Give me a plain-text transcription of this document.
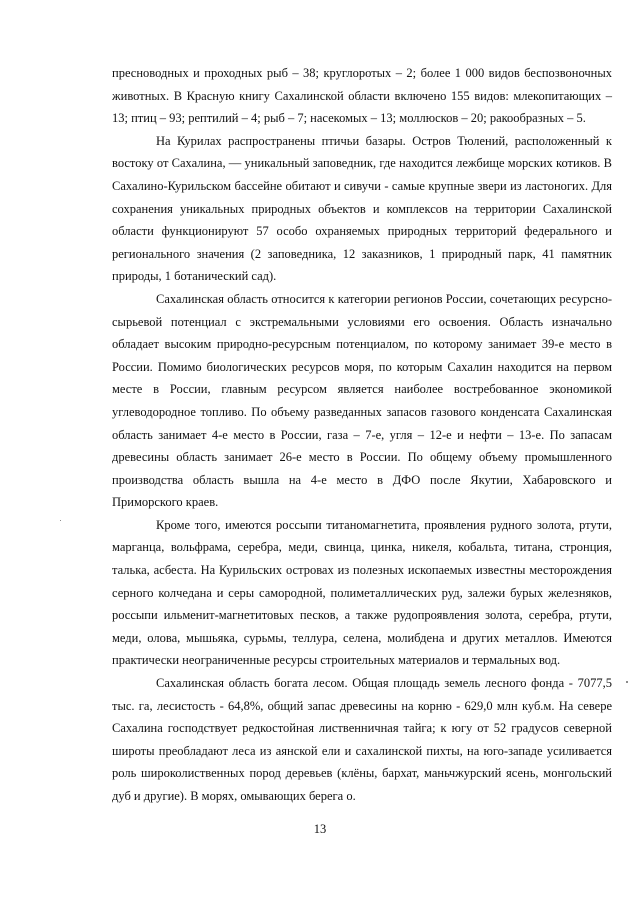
пресноводных и проходных рыб – 38; круглоротых – 2; более 1 000 видов беспозвоночных животных. В Красную книгу Сахалинской области включено 155 видов: млекопитающих – 13; птиц – 93; рептилий – 4; рыб – 7; насекомых – 13; моллюсков – 20; ракообразных – 5.

На Курилах распространены птичьи базары. Остров Тюлений, расположенный к востоку от Сахалина, –– уникальный заповедник, где находится лежбище морских котиков. В Сахалино-Курильском бассейне обитают и сивучи - самые крупные звери из ластоногих. Для сохранения уникальных природных объектов и комплексов на территории Сахалинской области функционируют 57 особо охраняемых природных территорий федерального и регионального значения (2 заповедника, 12 заказников, 1 природный парк, 41 памятник природы, 1 ботанический сад).

Сахалинская область относится к категории регионов России, сочетающих ресурсно-сырьевой потенциал с экстремальными условиями его освоения. Область изначально обладает высоким природно-ресурсным потенциалом, по которому занимает 39-е место в России. Помимо биологических ресурсов моря, по которым Сахалин находится на первом месте в России, главным ресурсом является наиболее востребованное экономикой углеводородное топливо. По объему разведанных запасов газового конденсата Сахалинская область занимает 4-е место в России, газа – 7-е, угля – 12-е и нефти – 13-е. По запасам древесины область занимает 26-е место в России. По общему объему промышленного производства область вышла на 4-е место в ДФО после Якутии, Хабаровского и Приморского краев.

Кроме того, имеются россыпи титаномагнетита, проявления рудного золота, ртути, марганца, вольфрама, серебра, меди, свинца, цинка, никеля, кобальта, титана, стронция, талька, асбеста. На Курильских островах из полезных ископаемых известны месторождения серного колчедана и серы самородной, полиметаллических руд, залежи бурых железняков, россыпи ильменит-магнетитовых песков, а также рудопроявления золота, серебра, ртути, меди, олова, мышьяка, сурьмы, теллура, селена, молибдена и других металлов. Имеются практически неограниченные ресурсы строительных материалов и термальных вод.

Сахалинская область богата лесом. Общая площадь земель лесного фонда - 7077,5 тыс. га, лесистость - 64,8%, общий запас древесины на корню - 629,0 млн куб.м. На севере Сахалина господствует редкостойная лиственничная тайга; к югу от 52 градусов северной широты преобладают леса из аянской ели и сахалинской пихты, на юго-западе усиливается роль широколиственных пород деревьев (клёны, бархат, маньчжурский ясень, монгольский дуб и другие). В морях, омывающих берега о.

13
